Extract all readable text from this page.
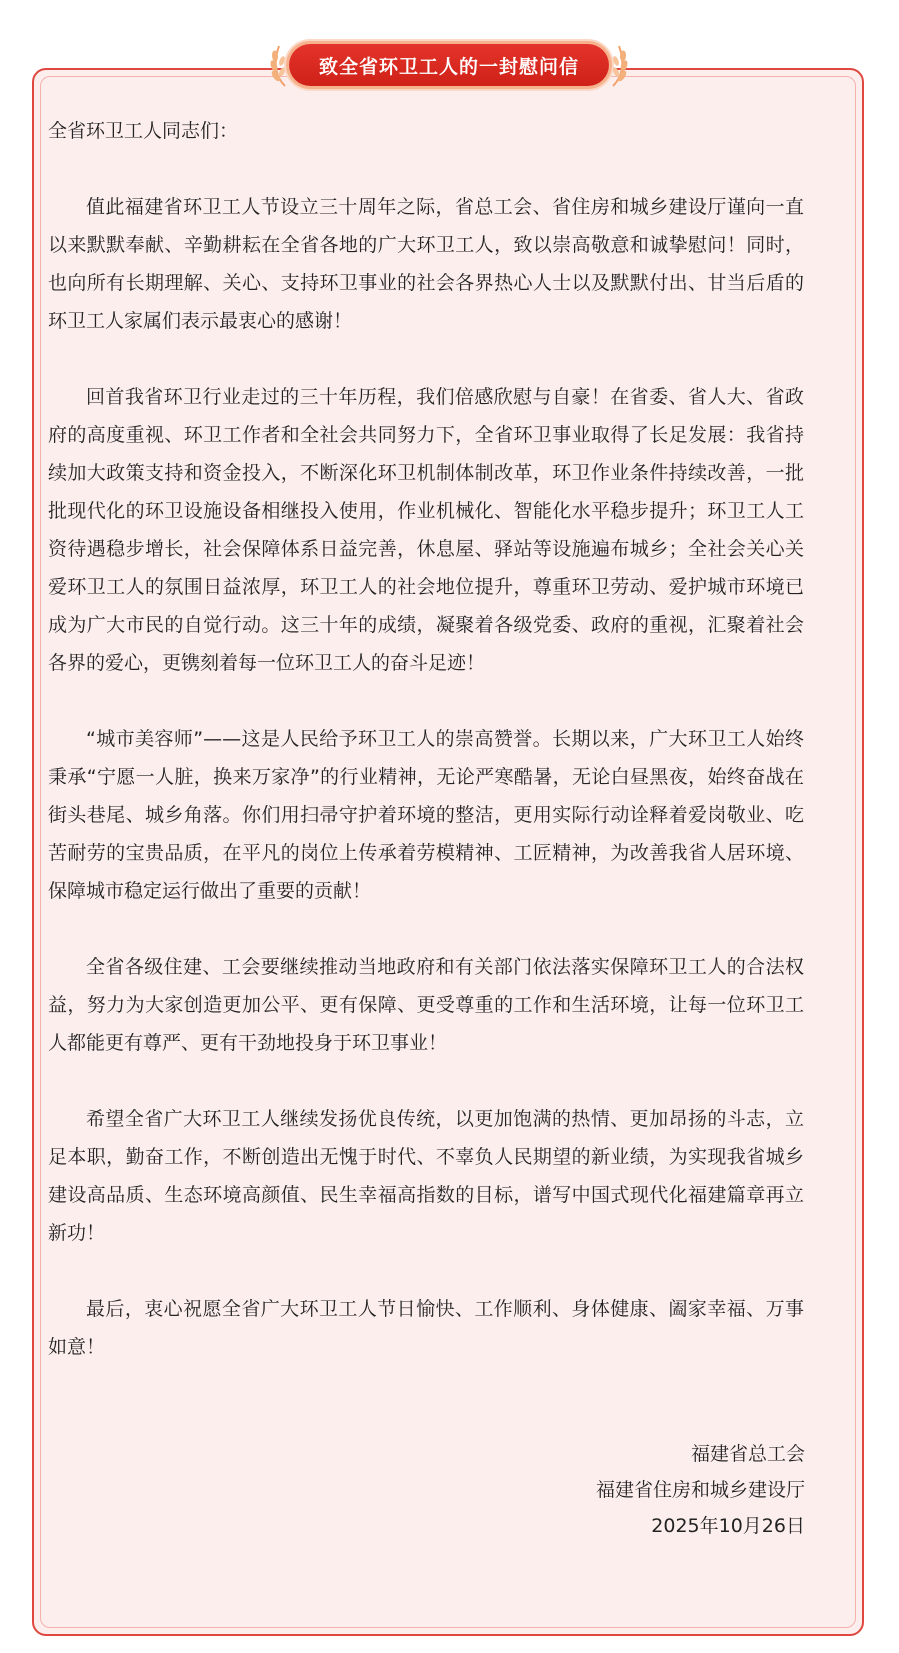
致全省环卫工人的一封慰问信

全省环卫工人同志们：

值此福建省环卫工人节设立三十周年之际，省总工会、省住房和城乡建设厅谨向一直以来默默奉献、辛勤耕耘在全省各地的广大环卫工人，致以崇高敬意和诚挚慰问！同时，也向所有长期理解、关心、支持环卫事业的社会各界热心人士以及默默付出、甘当后盾的环卫工人家属们表示最衷心的感谢！

回首我省环卫行业走过的三十年历程，我们倍感欣慰与自豪！在省委、省人大、省政府的高度重视、环卫工作者和全社会共同努力下，全省环卫事业取得了长足发展：我省持续加大政策支持和资金投入，不断深化环卫机制体制改革，环卫作业条件持续改善，一批批现代化的环卫设施设备相继投入使用，作业机械化、智能化水平稳步提升；环卫工人工资待遇稳步增长，社会保障体系日益完善，休息屋、驿站等设施遍布城乡；全社会关心关爱环卫工人的氛围日益浓厚，环卫工人的社会地位提升，尊重环卫劳动、爱护城市环境已成为广大市民的自觉行动。这三十年的成绩，凝聚着各级党委、政府的重视，汇聚着社会各界的爱心，更镌刻着每一位环卫工人的奋斗足迹！

“城市美容师”——这是人民给予环卫工人的崇高赞誉。长期以来，广大环卫工人始终秉承“宁愿一人脏，换来万家净”的行业精神，无论严寒酷暑，无论白昼黑夜，始终奋战在街头巷尾、城乡角落。你们用扫帚守护着环境的整洁，更用实际行动诠释着爱岗敬业、吃苦耐劳的宝贵品质，在平凡的岗位上传承着劳模精神、工匠精神，为改善我省人居环境、保障城市稳定运行做出了重要的贡献！

全省各级住建、工会要继续推动当地政府和有关部门依法落实保障环卫工人的合法权益，努力为大家创造更加公平、更有保障、更受尊重的工作和生活环境，让每一位环卫工人都能更有尊严、更有干劲地投身于环卫事业！

希望全省广大环卫工人继续发扬优良传统，以更加饱满的热情、更加昂扬的斗志，立足本职，勤奋工作，不断创造出无愧于时代、不辜负人民期望的新业绩，为实现我省城乡建设高品质、生态环境高颜值、民生幸福高指数的目标，谱写中国式现代化福建篇章再立新功！

最后，衷心祝愿全省广大环卫工人节日愉快、工作顺利、身体健康、阖家幸福、万事如意！

福建省总工会
福建省住房和城乡建设厅
2025年10月26日
